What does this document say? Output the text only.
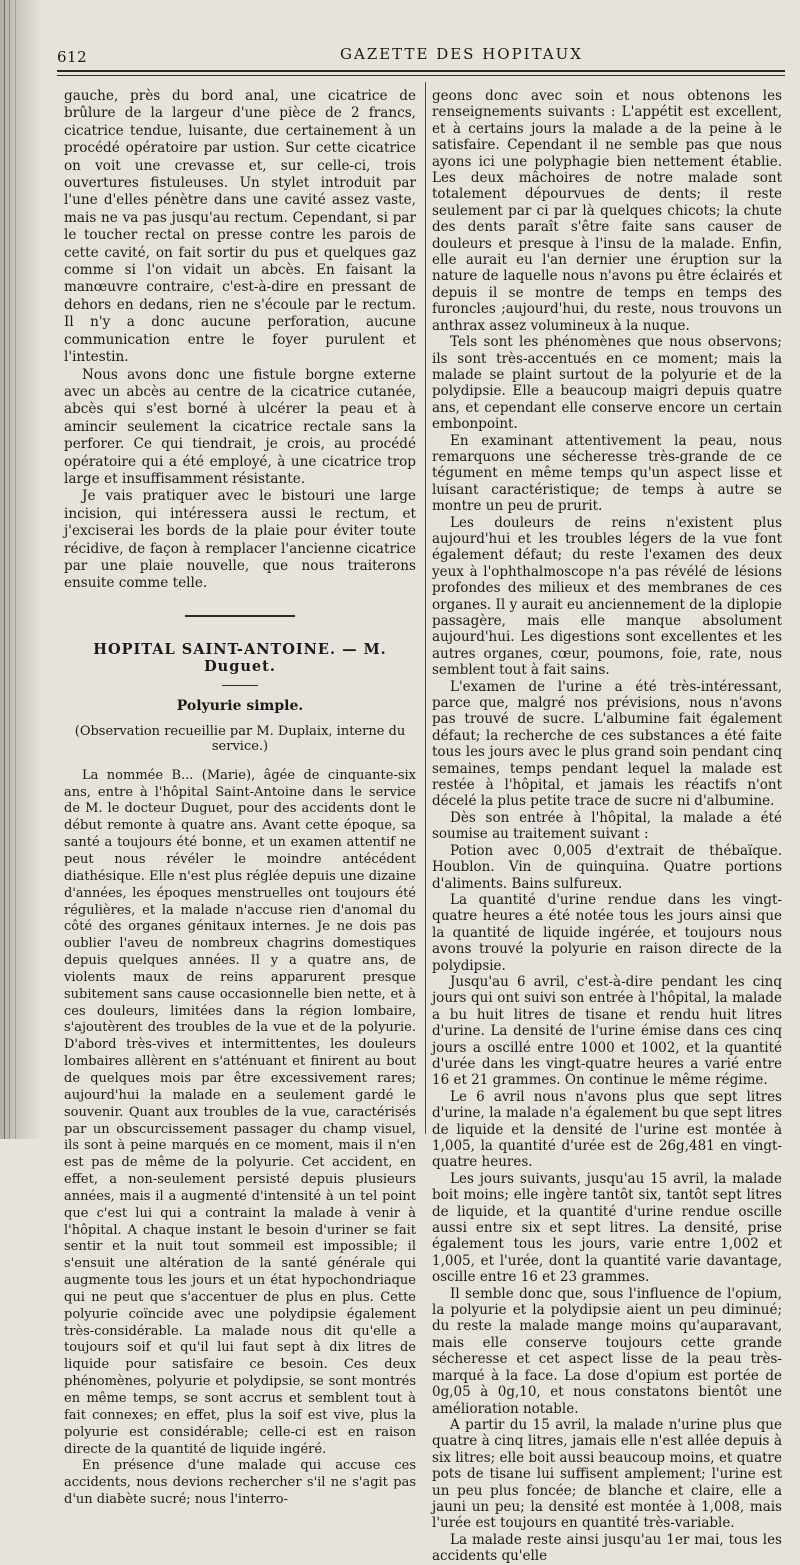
612	GAZETTE DES HOPITAUX

gauche, près du bord anal, une cicatrice de brûlure de la largeur d'une pièce de 2 francs, cicatrice tendue, luisante, due certainement à un procédé opératoire par ustion. Sur cette cicatrice on voit une crevasse et, sur celle-ci, trois ouvertures fistuleuses. Un stylet introduit par l'une d'elles pénètre dans une cavité assez vaste, mais ne va pas jusqu'au rectum. Cependant, si par le toucher rectal on presse contre les parois de cette cavité, on fait sortir du pus et quelques gaz comme si l'on vidait un abcès. En faisant la manœuvre contraire, c'est-à-dire en pressant de dehors en dedans, rien ne s'écoule par le rectum. Il n'y a donc aucune perforation, aucune communication entre le foyer purulent et l'intestin.

Nous avons donc une fistule borgne externe avec un abcès au centre de la cicatrice cutanée, abcès qui s'est borné à ulcérer la peau et à amincir seulement la cicatrice rectale sans la perforer. Ce qui tiendrait, je crois, au procédé opératoire qui a été employé, à une cicatrice trop large et insuffisamment résistante.

Je vais pratiquer avec le bistouri une large incision, qui intéressera aussi le rectum, et j'exciserai les bords de la plaie pour éviter toute récidive, de façon à remplacer l'ancienne cicatrice par une plaie nouvelle, que nous traiterons ensuite comme telle.

HOPITAL SAINT-ANTOINE. — M. Duguet.
Polyurie simple.
(Observation recueillie par M. Duplaix, interne du service.)

La nommée B... (Marie), âgée de cinquante-six ans, entre à l'hôpital Saint-Antoine dans le service de M. le docteur Duguet, pour des accidents dont le début remonte à quatre ans. Avant cette époque, sa santé a toujours été bonne, et un examen attentif ne peut nous révéler le moindre antécédent diathésique. Elle n'est plus réglée depuis une dizaine d'années, les époques menstruelles ont toujours été régulières, et la malade n'accuse rien d'anomal du côté des organes génitaux internes. Je ne dois pas oublier l'aveu de nombreux chagrins domestiques depuis quelques années. Il y a quatre ans, de violents maux de reins apparurent presque subitement sans cause occasionnelle bien nette, et à ces douleurs, limitées dans la région lombaire, s'ajoutèrent des troubles de la vue et de la polyurie. D'abord très-vives et intermittentes, les douleurs lombaires allèrent en s'atténuant et finirent au bout de quelques mois par être excessivement rares; aujourd'hui la malade en a seulement gardé le souvenir. Quant aux troubles de la vue, caractérisés par un obscurcissement passager du champ visuel, ils sont à peine marqués en ce moment, mais il n'en est pas de même de la polyurie. Cet accident, en effet, a non-seulement persisté depuis plusieurs années, mais il a augmenté d'intensité à un tel point que c'est lui qui a contraint la malade à venir à l'hôpital. A chaque instant le besoin d'uriner se fait sentir et la nuit tout sommeil est impossible; il s'ensuit une altération de la santé générale qui augmente tous les jours et un état hypochondriaque qui ne peut que s'accentuer de plus en plus. Cette polyurie coïncide avec une polydipsie également très-considérable. La malade nous dit qu'elle a toujours soif et qu'il lui faut sept à dix litres de liquide pour satisfaire ce besoin. Ces deux phénomènes, polyurie et polydipsie, se sont montrés en même temps, se sont accrus et semblent tout à fait connexes; en effet, plus la soif est vive, plus la polyurie est considérable; celle-ci est en raison directe de la quantité de liquide ingéré.

En présence d'une malade qui accuse ces accidents, nous devions rechercher s'il ne s'agit pas d'un diabète sucré; nous l'interro-

geons donc avec soin et nous obtenons les renseignements suivants : L'appétit est excellent, et à certains jours la malade a de la peine à le satisfaire. Cependant il ne semble pas que nous ayons ici une polyphagie bien nettement établie. Les deux mâchoires de notre malade sont totalement dépourvues de dents; il reste seulement par ci par là quelques chicots; la chute des dents paraît s'être faite sans causer de douleurs et presque à l'insu de la malade. Enfin, elle aurait eu l'an dernier une éruption sur la nature de laquelle nous n'avons pu être éclairés et depuis il se montre de temps en temps des furoncles ;aujourd'hui, du reste, nous trouvons un anthrax assez volumineux à la nuque.

Tels sont les phénomènes que nous observons; ils sont très-accentués en ce moment; mais la malade se plaint surtout de la polyurie et de la polydipsie. Elle a beaucoup maigri depuis quatre ans, et cependant elle conserve encore un certain embonpoint.

En examinant attentivement la peau, nous remarquons une sécheresse très-grande de ce tégument en même temps qu'un aspect lisse et luisant caractéristique; de temps à autre se montre un peu de prurit.

Les douleurs de reins n'existent plus aujourd'hui et les troubles légers de la vue font également défaut; du reste l'examen des deux yeux à l'ophthalmoscope n'a pas révélé de lésions profondes des milieux et des membranes de ces organes. Il y aurait eu anciennement de la diplopie passagère, mais elle manque absolument aujourd'hui. Les digestions sont excellentes et les autres organes, cœur, poumons, foie, rate, nous semblent tout à fait sains.

L'examen de l'urine a été très-intéressant, parce que, malgré nos prévisions, nous n'avons pas trouvé de sucre. L'albumine fait également défaut; la recherche de ces substances a été faite tous les jours avec le plus grand soin pendant cinq semaines, temps pendant lequel la malade est restée à l'hôpital, et jamais les réactifs n'ont décelé la plus petite trace de sucre ni d'albumine.

Dès son entrée à l'hôpital, la malade a été soumise au traitement suivant :

Potion avec 0,005 d'extrait de thébaïque. Houblon. Vin de quinquina. Quatre portions d'aliments. Bains sulfureux.

La quantité d'urine rendue dans les vingt-quatre heures a été notée tous les jours ainsi que la quantité de liquide ingérée, et toujours nous avons trouvé la polyurie en raison directe de la polydipsie.

Jusqu'au 6 avril, c'est-à-dire pendant les cinq jours qui ont suivi son entrée à l'hôpital, la malade a bu huit litres de tisane et rendu huit litres d'urine. La densité de l'urine émise dans ces cinq jours a oscillé entre 1000 et 1002, et la quantité d'urée dans les vingt-quatre heures a varié entre 16 et 21 grammes. On continue le même régime.

Le 6 avril nous n'avons plus que sept litres d'urine, la malade n'a également bu que sept litres de liquide et la densité de l'urine est montée à 1,005, la quantité d'urée est de 26g,481 en vingt-quatre heures.

Les jours suivants, jusqu'au 15 avril, la malade boit moins; elle ingère tantôt six, tantôt sept litres de liquide, et la quantité d'urine rendue oscille aussi entre six et sept litres. La densité, prise également tous les jours, varie entre 1,002 et 1,005, et l'urée, dont la quantité varie davantage, oscille entre 16 et 23 grammes.

Il semble donc que, sous l'influence de l'opium, la polyurie et la polydipsie aient un peu diminué; du reste la malade mange moins qu'auparavant, mais elle conserve toujours cette grande sécheresse et cet aspect lisse de la peau très-marqué à la face. La dose d'opium est portée de 0g,05 à 0g,10, et nous constatons bientôt une amélioration notable.

A partir du 15 avril, la malade n'urine plus que quatre à cinq litres, jamais elle n'est allée depuis à six litres; elle boit aussi beaucoup moins, et quatre pots de tisane lui suffisent amplement; l'urine est un peu plus foncée; de blanche et claire, elle a jauni un peu; la densité est montée à 1,008, mais l'urée est toujours en quantité très-variable.

La malade reste ainsi jusqu'au 1er mai, tous les accidents qu'elle
